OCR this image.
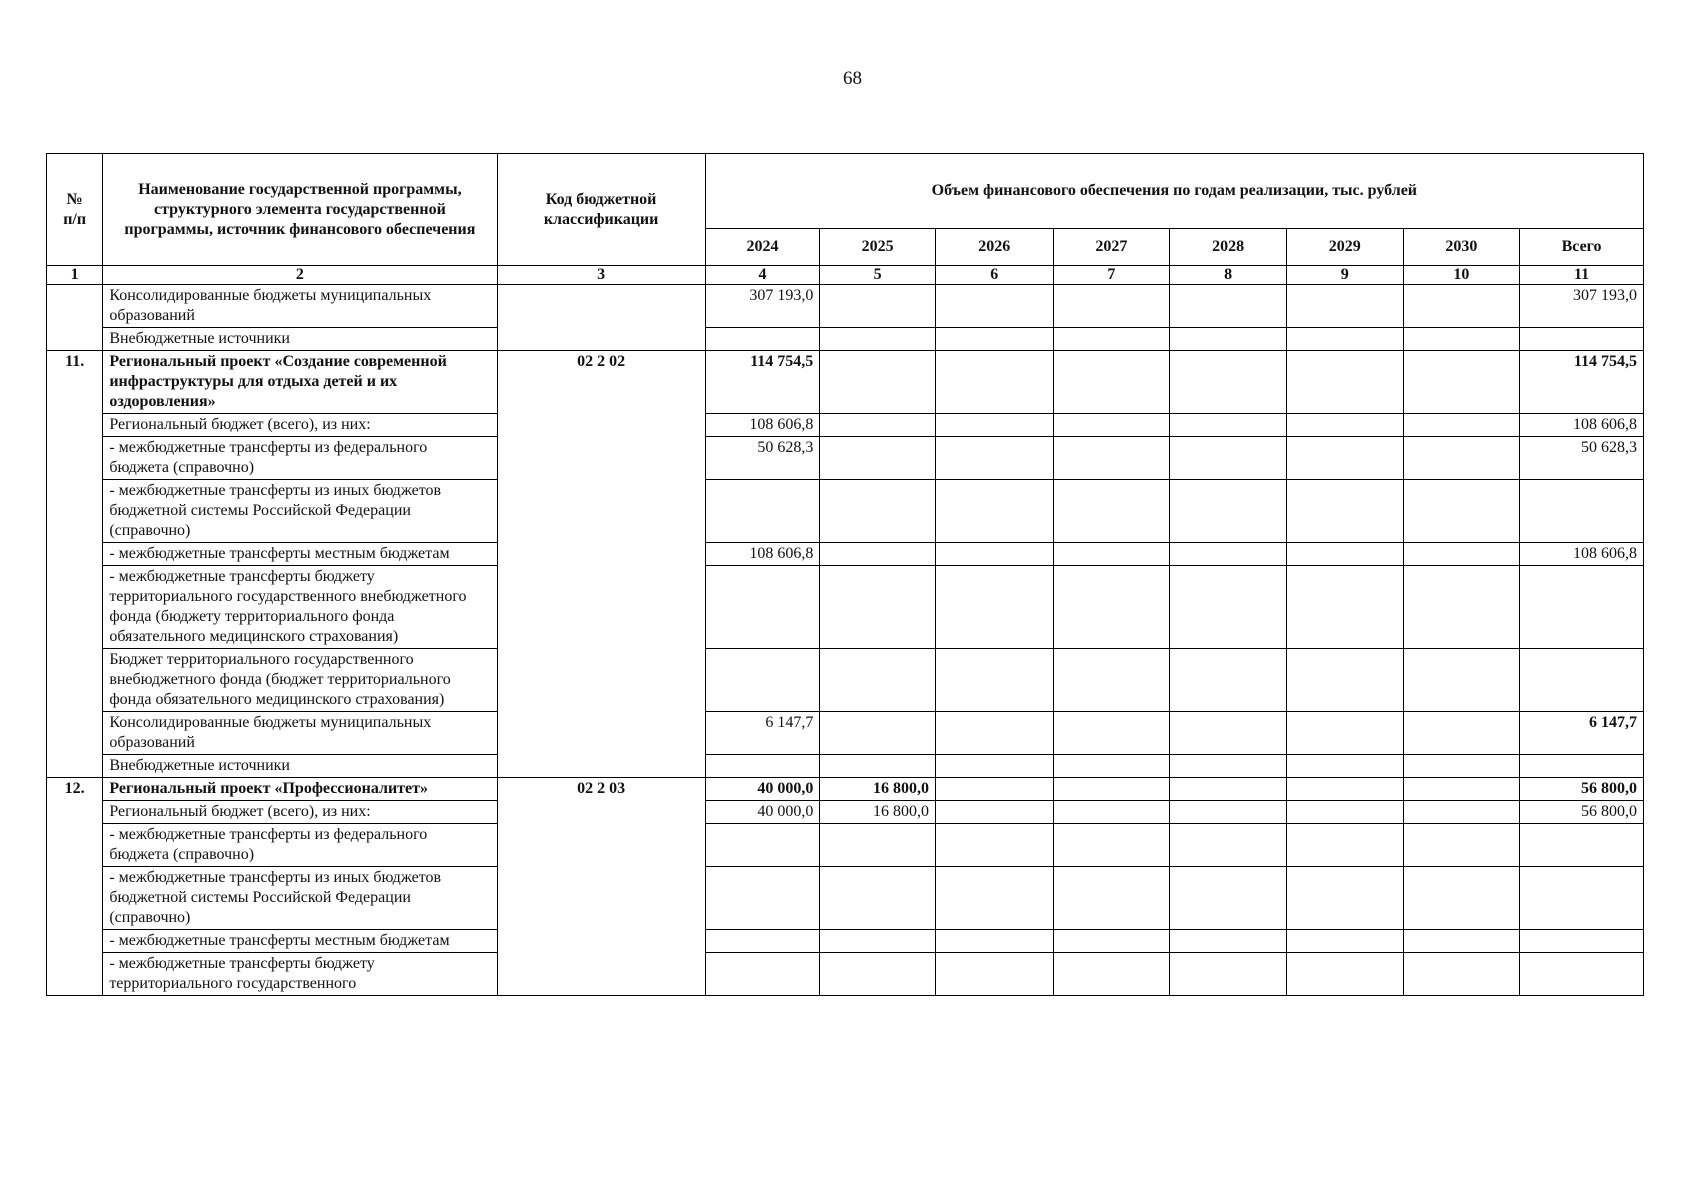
68
№
п/п	Наименование государственной программы, структурного элемента государственной программы, источник финансового обеспечения	Код бюджетной классификации	Объем финансового обеспечения по годам реализации, тыс. рублей							
			2024	2025	2026	2027	2028	2029	2030	Всего
1	2	3	4	5	6	7	8	9	10	11
	Консолидированные бюджеты муниципальных образований		307 193,0							307 193,0
	Внебюджетные источники									
11.	Региональный проект «Создание современной инфраструктуры для отдыха детей и их оздоровления»	02 2 02	114 754,5							114 754,5
	Региональный бюджет (всего), из них:		108 606,8							108 606,8
	- межбюджетные трансферты из федерального бюджета (справочно)		50 628,3							50 628,3
	- межбюджетные трансферты из иных бюджетов бюджетной системы Российской Федерации (справочно)									
	- межбюджетные трансферты местным бюджетам		108 606,8							108 606,8
	- межбюджетные трансферты бюджету территориального государственного внебюджетного фонда (бюджету территориального фонда обязательного медицинского страхования)									
	Бюджет территориального государственного внебюджетного фонда (бюджет территориального фонда обязательного медицинского страхования)									
	Консолидированные бюджеты муниципальных образований		6 147,7							6 147,7
	Внебюджетные источники									
12.	Региональный проект «Профессионалитет»	02 2 03	40 000,0	16 800,0						56 800,0
	Региональный бюджет (всего), из них:		40 000,0	16 800,0						56 800,0
	- межбюджетные трансферты из федерального бюджета (справочно)									
	- межбюджетные трансферты из иных бюджетов бюджетной системы Российской Федерации (справочно)									
	- межбюджетные трансферты местным бюджетам									
	- межбюджетные трансферты бюджету территориального государственного									
